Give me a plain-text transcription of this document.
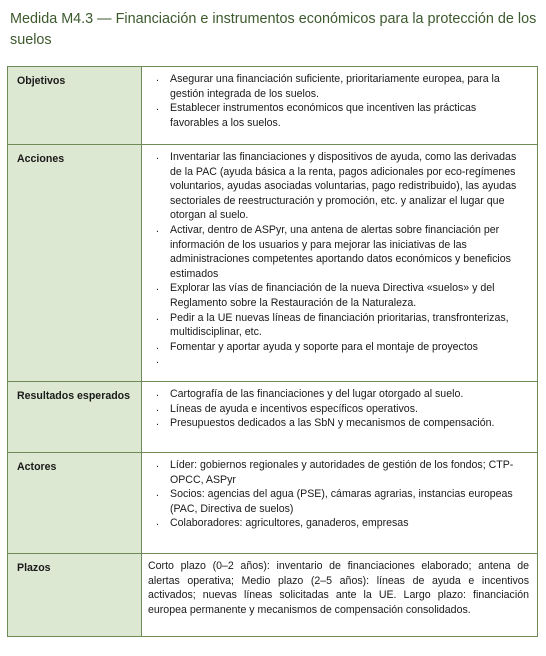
Medida M4.3 — Financiación e instrumentos económicos para la protección de los suelos
Objetivos	. Asegurar una financiación suficiente, prioritariamente europea, para la gestión integrada de los suelos.
. Establecer instrumentos económicos que incentiven las prácticas favorables a los suelos.
Acciones	. Inventariar las financiaciones y dispositivos de ayuda, como las derivadas de la PAC (ayuda básica a la renta, pagos adicionales por eco-regímenes voluntarios, ayudas asociadas voluntarias, pago redistribuido), las ayudas sectoriales de reestructuración y promoción, etc. y analizar el lugar que otorgan al suelo.
. Activar, dentro de ASPyr, una antena de alertas sobre financiación per información de los usuarios y para mejorar las iniciativas de las administraciones competentes aportando datos económicos y beneficios estimados
. Explorar las vías de financiación de la nueva Directiva «suelos» y del Reglamento sobre la Restauración de la Naturaleza.
. Pedir a la UE nuevas líneas de financiación prioritarias, transfronterizas, multidisciplinar, etc.
. Fomentar y aportar ayuda y soporte para el montaje de proyectos
.
Resultados esperados	. Cartografía de las financiaciones y del lugar otorgado al suelo.
. Líneas de ayuda e incentivos específicos operativos.
. Presupuestos dedicados a las SbN y mecanismos de compensación.
Actores	. Líder: gobiernos regionales y autoridades de gestión de los fondos; CTP-OPCC, ASPyr
. Socios: agencias del agua (PSE), cámaras agrarias, instancias europeas (PAC, Directiva de suelos)
. Colaboradores: agricultores, ganaderos, empresas
Plazos	Corto plazo (0–2 años): inventario de financiaciones elaborado; antena de alertas operativa; Medio plazo (2–5 años): líneas de ayuda e incentivos activados; nuevas líneas solicitadas ante la UE. Largo plazo: financiación europea permanente y mecanismos de compensación consolidados.
